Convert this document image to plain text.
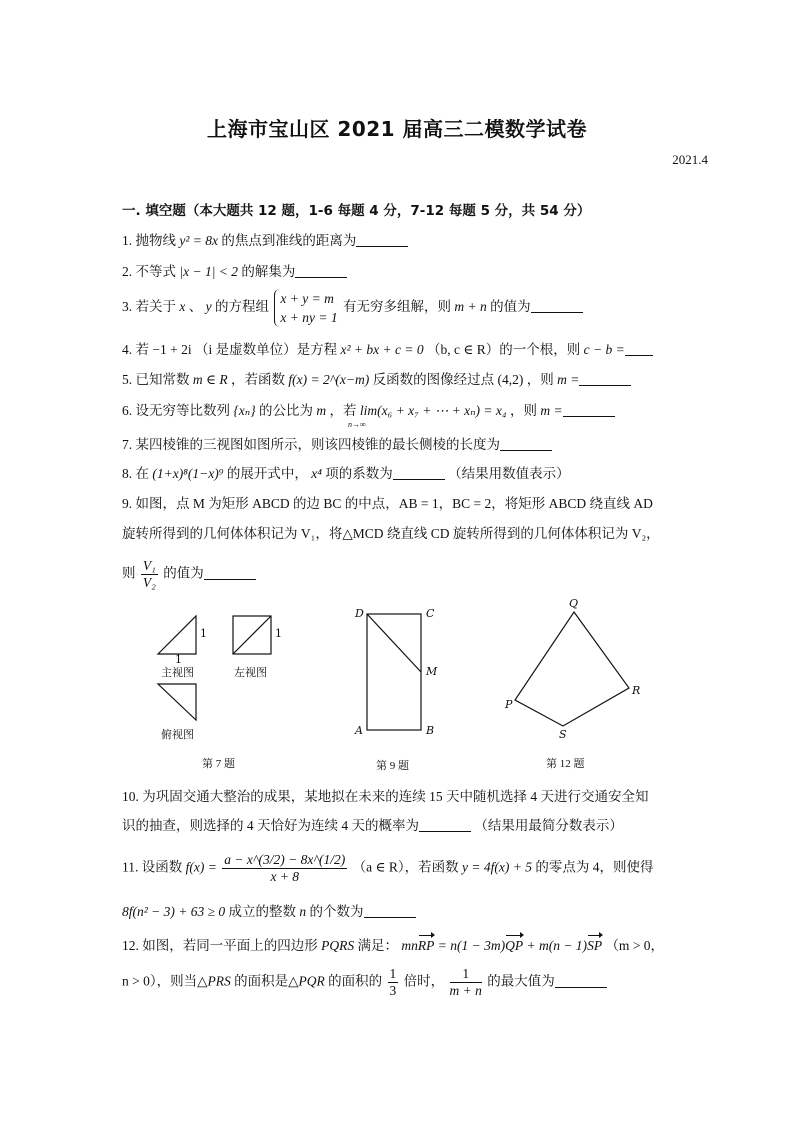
上海市宝山区 2021 届高三二模数学试卷
2021.4
一. 填空题（本大题共 12 题，1-6 每题 4 分，7-12 每题 5 分，共 54 分）
1. 抛物线 y² = 8x 的焦点到准线的距离为
2. 不等式 |x − 1| < 2 的解集为
3. 若关于 x 、 y 的方程组
x + y = m
x + ny = 1
有无穷多组解，则 m + n 的值为
4. 若 −1 + 2i （i 是虚数单位）是方程 x² + bx + c = 0 （b, c ∈ R）的一个根，则 c − b =
5. 已知常数 m ∈ R ，若函数 f(x) = 2^(x−m) 反函数的图像经过点 (4,2) ，则 m =
6. 设无穷等比数列 {xₙ} 的公比为 m ，若 lim(x₆ + x₇ + ⋯ + xₙ) = x₄ ，则 m =
n→∞
7. 某四棱锥的三视图如图所示，则该四棱锥的最长侧棱的长度为
8. 在 (1+x)⁸(1−x)⁹ 的展开式中， x⁴ 项的系数为	（结果用数值表示）
9. 如图，点 M 为矩形 ABCD 的边 BC 的中点，AB = 1，BC = 2，将矩形 ABCD 绕直线 AD
旋转所得到的几何体体积记为 V₁，将△MCD 绕直线 CD 旋转所得到的几何体体积记为 V₂，
则 $\frac{\text{V₁}}{\text{V₂}}$ 的值为
1	1
1
主视图	左视图
俯视图
第 7 题
D	C
M
A	B
第 9 题
Q
R
P
S
第 12 题
10. 为巩固交通大整治的成果，某地拟在未来的连续 15 天中随机选择 4 天进行交通安全知
识的抽查，则选择的 4 天恰好为连续 4 天的概率为	（结果用最简分数表示）
11. 设函数 $f(x) = \frac{a - x\^{}(3/2) - 8x\^{}(1/2)}{x + 8} (a$ ∈ R），若函数 y = 4f(x) + 5 的零点为 4，则使得
8f(n² − 3) + 63 ≥ 0 成立的整数 n 的个数为
12. 如图，若同一平面上的四边形 PQRS 满足： mnRP = n(1 − 3m)QP + m(n − 1)SP （m > 0，
n > 0），则当△PRS 的面积是△PQR 的面积的 $\frac{1}{3}$ 倍时， $\frac{1}{m + n}$ 的最大值为
